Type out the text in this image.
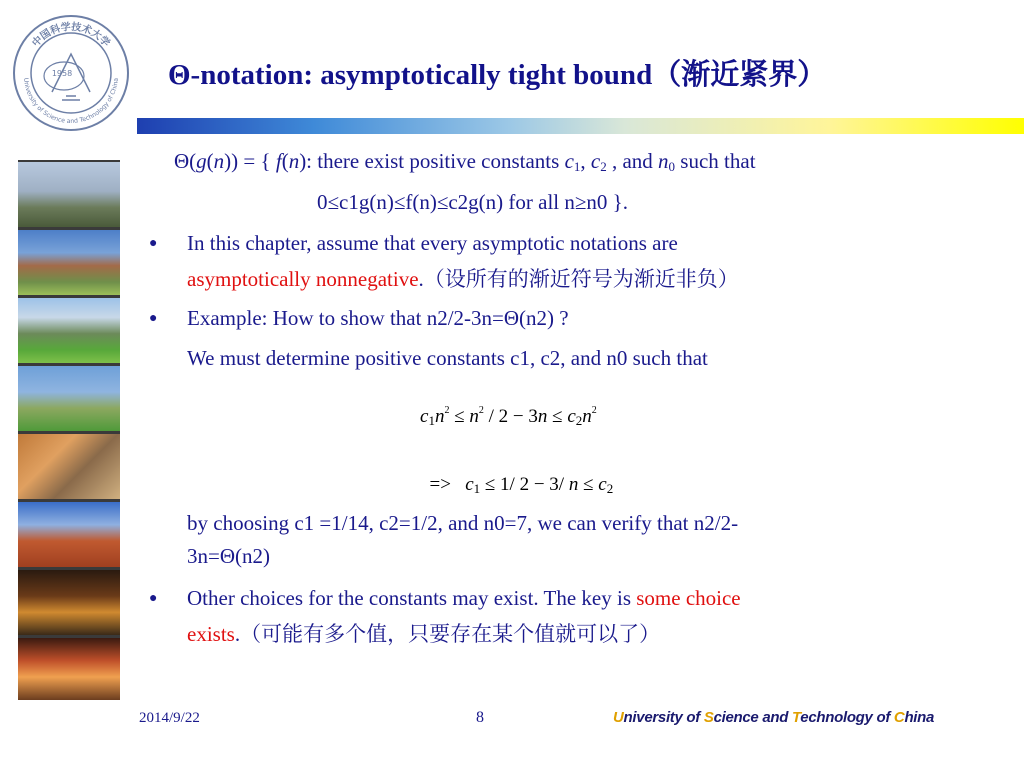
中国科学技术大学
University of Science and Technology of China
1958	Θ-notation: asymptotically tight bound（渐近紧界）
Θ(g(n)) = { f(n): there exist positive constants $c_1$, $c_2$ , and $n_0$ such that
0≤c1g(n)≤f(n)≤c2g(n) for all n≥n0 }.
● In this chapter, assume that every asymptotic notations are
asymptotically nonnegative.（设所有的渐近符号为渐近非负）
● Example: How to show that n2/2-3n=Θ(n2) ?
We must determine positive constants c1, c2, and n0 such that
$c_1n^2 \le n^2 / 2 - 3n \le c_2n^2$

=>   $c_1 \le 1/$ 2 − 3/ $n \le c_2$

by choosing c1 =1/14, c2=1/2, and n0=7, we can verify that n2/2-
3n=Θ(n2)
● Other choices for the constants may exist. The key is some choice
exists.（可能有多个值，只要存在某个值就可以了）
2014/9/22	8	University of Science and Technology of China
